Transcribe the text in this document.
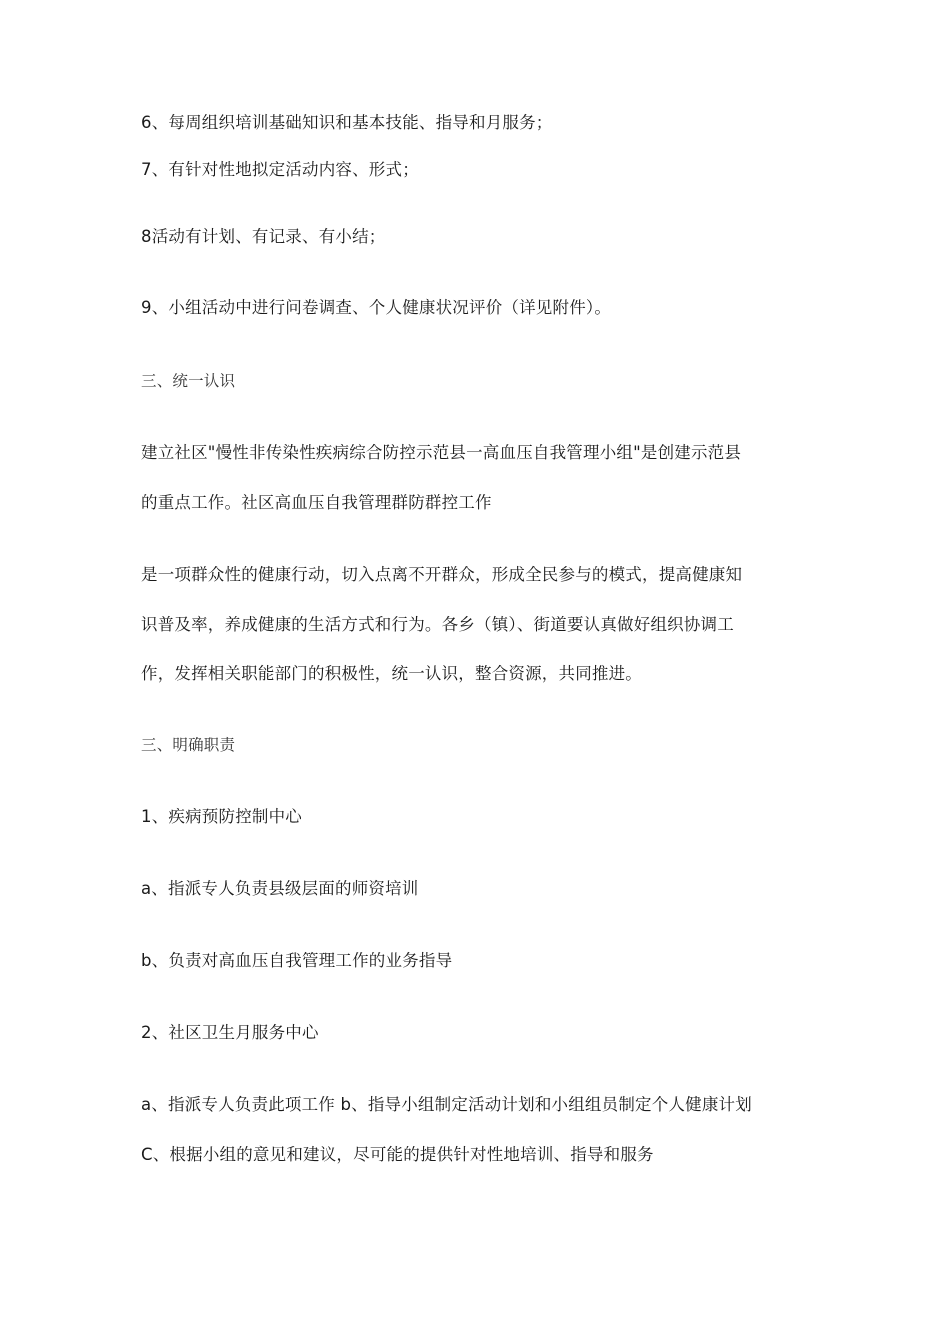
6、每周组织培训基础知识和基本技能、指导和月服务；
7、有针对性地拟定活动内容、形式；
8活动有计划、有记录、有小结；
9、小组活动中进行问卷调查、个人健康状况评价（详见附件）。
三、统一认识
建立社区"慢性非传染性疾病综合防控示范县一高血压自我管理小组"是创建示范县
的重点工作。社区高血压自我管理群防群控工作
是一项群众性的健康行动，切入点离不开群众，形成全民参与的模式，提高健康知
识普及率，养成健康的生活方式和行为。各乡（镇）、街道要认真做好组织协调工
作，发挥相关职能部门的积极性，统一认识，整合资源，共同推进。
三、明确职责
1、疾病预防控制中心
a、指派专人负责县级层面的师资培训
b、负责对高血压自我管理工作的业务指导
2、社区卫生月服务中心
a、指派专人负责此项工作 b、指导小组制定活动计划和小组组员制定个人健康计划
C、根据小组的意见和建议，尽可能的提供针对性地培训、指导和服务
